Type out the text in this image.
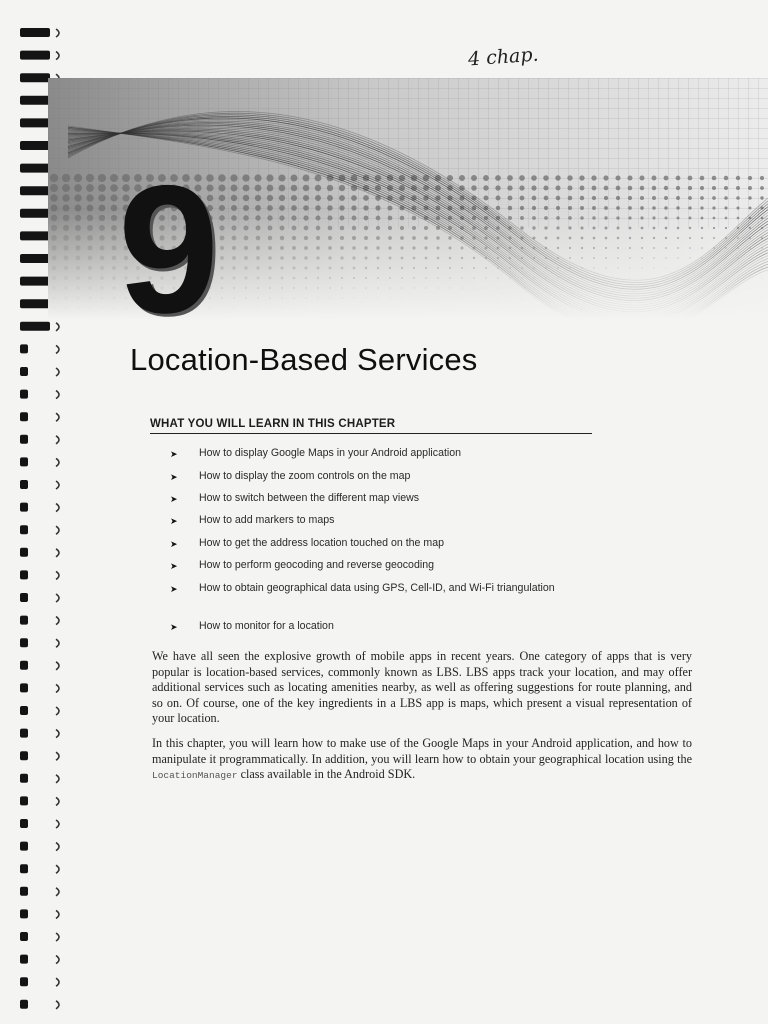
4 chap.
9
Location-Based Services
WHAT YOU WILL LEARN IN THIS CHAPTER
➤ How to display Google Maps in your Android application
➤ How to display the zoom controls on the map
➤ How to switch between the different map views
➤ How to add markers to maps
➤ How to get the address location touched on the map
➤ How to perform geocoding and reverse geocoding
➤ How to obtain geographical data using GPS, Cell-ID, and Wi-Fi triangulation
➤ How to monitor for a location

We have all seen the explosive growth of mobile apps in recent years. One category of apps that is very popular is location-based services, commonly known as LBS. LBS apps track your location, and may offer additional services such as locating amenities nearby, as well as offering suggestions for route planning, and so on. Of course, one of the key ingredients in a LBS app is maps, which present a visual representation of your location.

In this chapter, you will learn how to make use of the Google Maps in your Android application, and how to manipulate it programmatically. In addition, you will learn how to obtain your geographical location using the LocationManager class available in the Android SDK.
